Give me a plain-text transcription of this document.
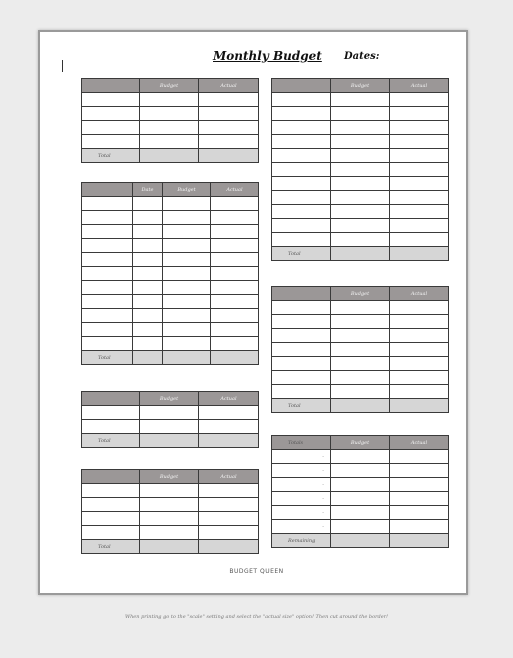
Monthly Budget Dates:
	Budget	Actual

Total		
	Date	Budget	Actual

Total			
	Budget	Actual

Total		
	Budget	Actual

Total		
	Budget	Actual

Total		
	Budget	Actual

Total		
Totals	Budget	Actual
-		
-		
-		
-		
-		
-		
Remaining		
BUDGET QUEEN
When printing go to the "scale" setting and select the "actual size" option! Then cut around the border!
